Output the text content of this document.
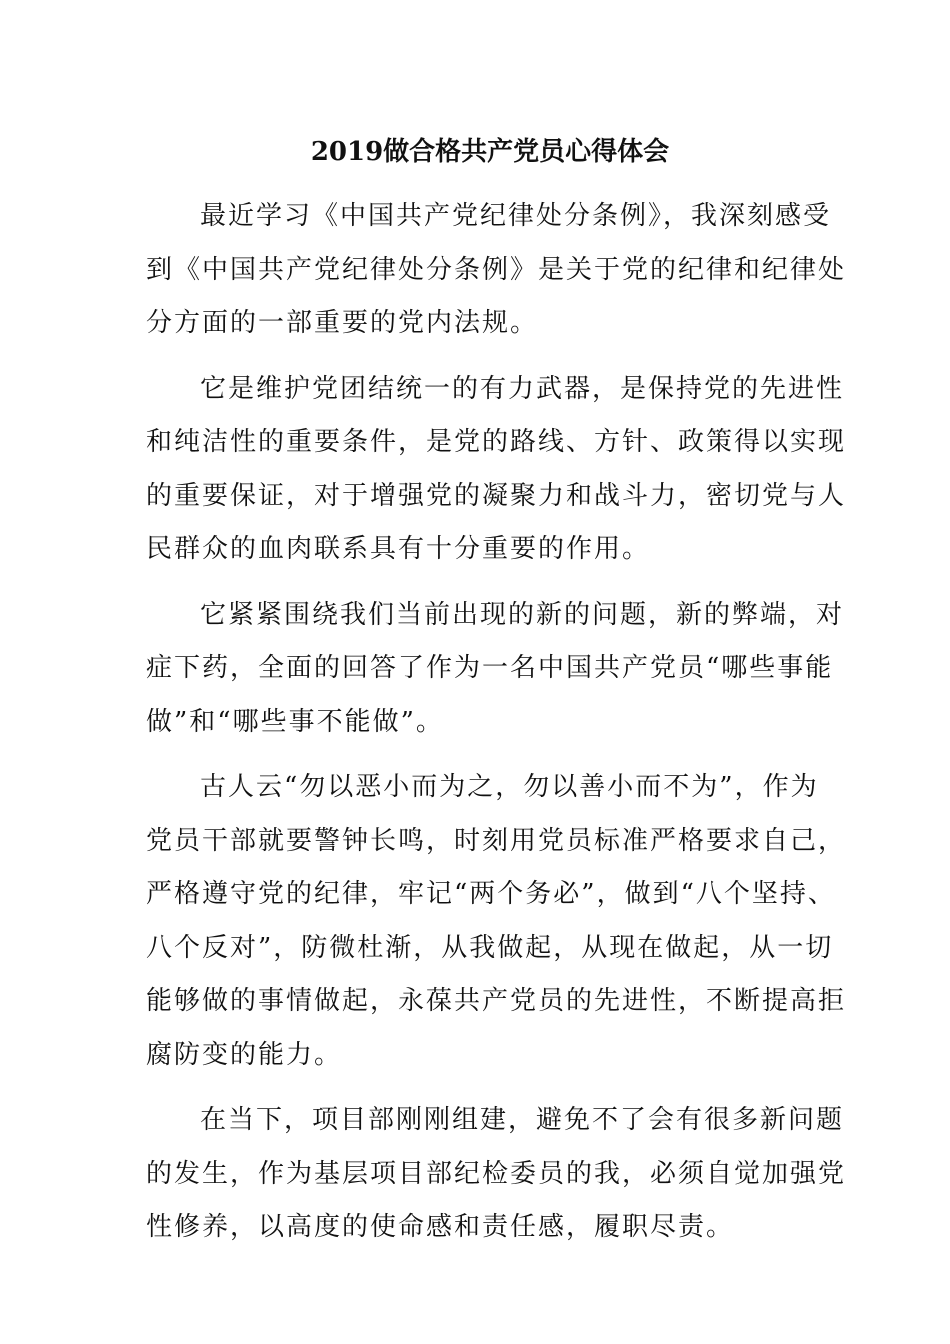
2019做合格共产党员心得体会

最近学习《中国共产党纪律处分条例》，我深刻感受
到《中国共产党纪律处分条例》是关于党的纪律和纪律处
分方面的一部重要的党内法规。

它是维护党团结统一的有力武器，是保持党的先进性
和纯洁性的重要条件，是党的路线、方针、政策得以实现
的重要保证，对于增强党的凝聚力和战斗力，密切党与人
民群众的血肉联系具有十分重要的作用。

它紧紧围绕我们当前出现的新的问题，新的弊端，对
症下药，全面的回答了作为一名中国共产党员“哪些事能
做”和“哪些事不能做”。

古人云“勿以恶小而为之，勿以善小而不为”，作为
党员干部就要警钟长鸣，时刻用党员标准严格要求自己，
严格遵守党的纪律，牢记“两个务必”，做到“八个坚持、
八个反对”，防微杜渐，从我做起，从现在做起，从一切
能够做的事情做起，永葆共产党员的先进性，不断提高拒
腐防变的能力。

在当下，项目部刚刚组建，避免不了会有很多新问题
的发生，作为基层项目部纪检委员的我，必须自觉加强党
性修养，以高度的使命感和责任感，履职尽责。
